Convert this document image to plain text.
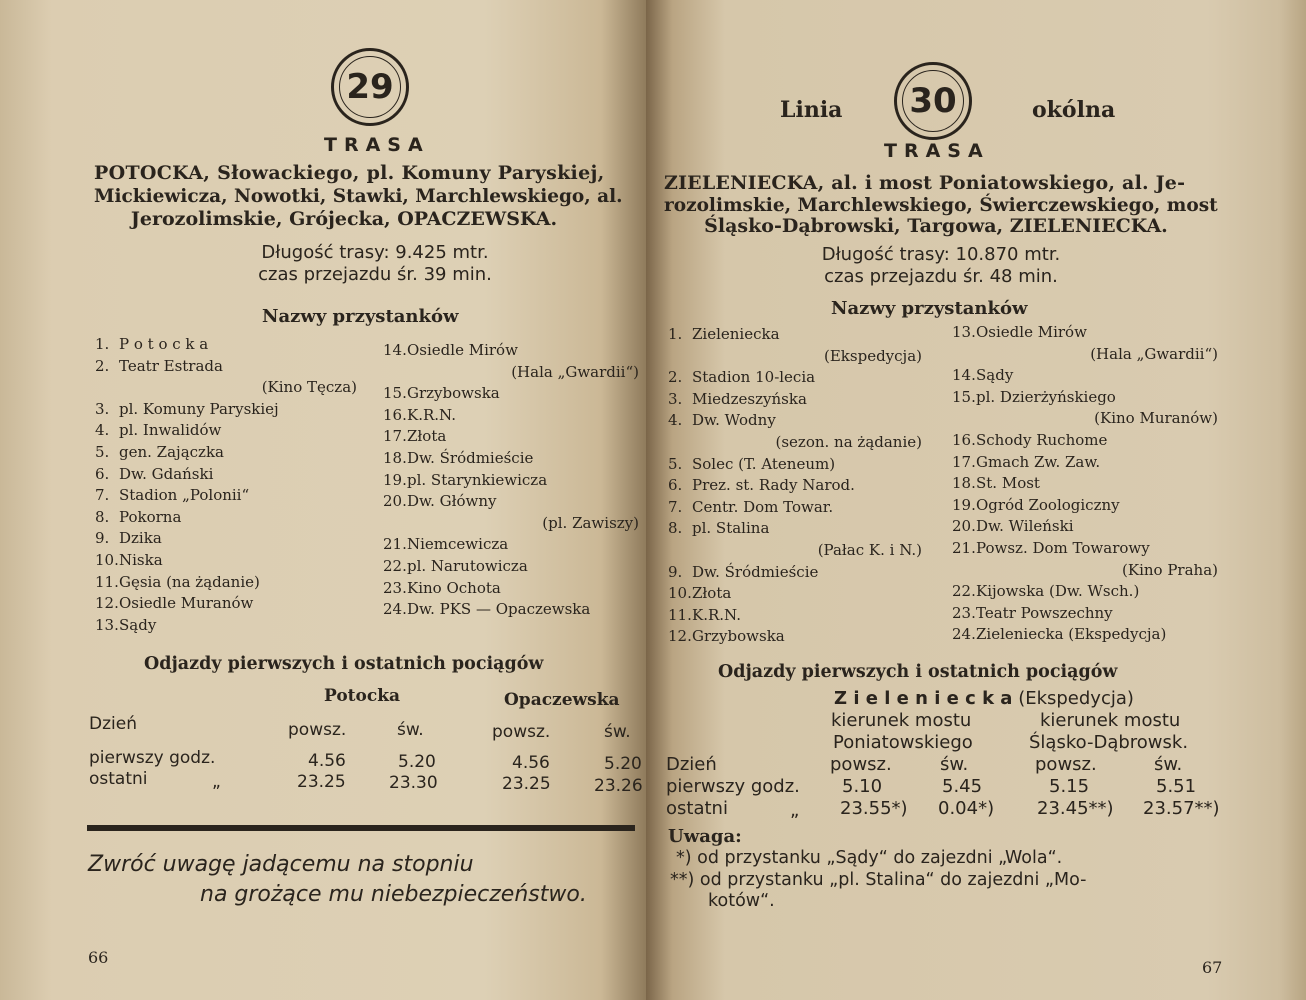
29
TRASA
POTOCKA, Słowackiego, pl. Komuny Paryskiej,
Mickiewicza, Nowotki, Stawki, Marchlewskiego, al.
Jerozolimskie, Grójecka, OPACZEWSKA.
Długość trasy: 9.425 mtr.
czas przejazdu śr. 39 min.
Nazwy przystanków
1. P o t o c k a
2. Teatr Estrada
(Kino Tęcza)
3. pl. Komuny Paryskiej
4. pl. Inwalidów
5. gen. Zajączka
6. Dw. Gdański
7. Stadion „Polonii“
8. Pokorna
9. Dzika
10. Niska
11. Gęsia (na żądanie)
12. Osiedle Muranów
13. Sądy
14. Osiedle Mirów
(Hala „Gwardii“)
15. Grzybowska
16. K.R.N.
17. Złota
18. Dw. Śródmieście
19. pl. Starynkiewicza
20. Dw. Główny
(pl. Zawiszy)
21. Niemcewicza
22. pl. Narutowicza
23. Kino Ochota
24. Dw. PKS — Opaczewska
Odjazdy pierwszych i ostatnich pociągów
Potocka	Opaczewska
Dzień	powsz.	św.	powsz.	św.
pierwszy godz.	4.56	5.20	4.56	5.20
ostatni	„	23.25	23.30	23.25	23.26
Zwróć uwagę jadącemu na stopniu
na grożące mu niebezpieczeństwo.
66
Linia 30	okólna
TRASA
ZIELENIECKA, al. i most Poniatowskiego, al. Je-
rozolimskie, Marchlewskiego, Świerczewskiego, most
Śląsko-Dąbrowski, Targowa, ZIELENIECKA.
Długość trasy: 10.870 mtr.
czas przejazdu śr. 48 min.
Nazwy przystanków
1. Zieleniecka
(Ekspedycja)
2. Stadion 10-lecia
3. Miedzeszyńska
4. Dw. Wodny
(sezon. na żądanie)
5. Solec (T. Ateneum)
6. Prez. st. Rady Narod.
7. Centr. Dom Towar.
8. pl. Stalina
(Pałac K. i N.)
9. Dw. Śródmieście
10. Złota
11. K.R.N.
12. Grzybowska
13. Osiedle Mirów
(Hala „Gwardii“)
14. Sądy
15. pl. Dzierżyńskiego
(Kino Muranów)
16. Schody Ruchome
17. Gmach Zw. Zaw.
18. St. Most
19. Ogród Zoologiczny
20. Dw. Wileński
21. Powsz. Dom Towarowy
(Kino Praha)
22. Kijowska (Dw. Wsch.)
23. Teatr Powszechny
24. Zieleniecka (Ekspedycja)
Odjazdy pierwszych i ostatnich pociągów
Z i e l e n i e c k a (Ekspedycja)
kierunek mostu
Poniatowskiego
kierunek mostu
Śląsko-Dąbrowsk.
Dzień	powsz.	św.	powsz.	św.
pierwszy godz. 5.10	5.45	5.15	5.51
ostatni	„ 23.55*) 0.04*) 23.45**) 23.57**)
Uwaga:
*) od przystanku „Sądy“ do zajezdni „Wola“.
**) od przystanku „pl. Stalina“ do zajezdni „Mo-
kotów“.
67
